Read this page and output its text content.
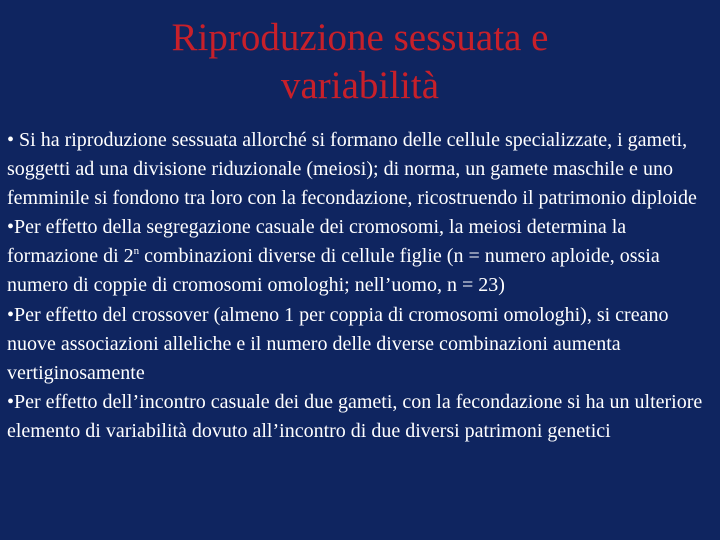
Riproduzione sessuata e
variabilità
• Si ha riproduzione sessuata allorché si formano delle cellule specializzate, i gameti, soggetti ad una divisione riduzionale (meiosi); di norma, un gamete maschile e uno femminile si fondono tra loro con la fecondazione, ricostruendo il patrimonio diploide
•Per effetto della segregazione casuale dei cromosomi, la meiosi determina la formazione di 2$^n$ combinazioni diverse di cellule figlie (n = numero aploide, ossia numero di coppie di cromosomi omologhi; nell’uomo, n = 23)
•Per effetto del crossover (almeno 1 per coppia di cromosomi omologhi), si creano nuove associazioni alleliche e il numero delle diverse combinazioni aumenta vertiginosamente
•Per effetto dell’incontro casuale dei due gameti, con la fecondazione si ha un ulteriore elemento di variabilità dovuto all’incontro di due diversi patrimoni genetici
